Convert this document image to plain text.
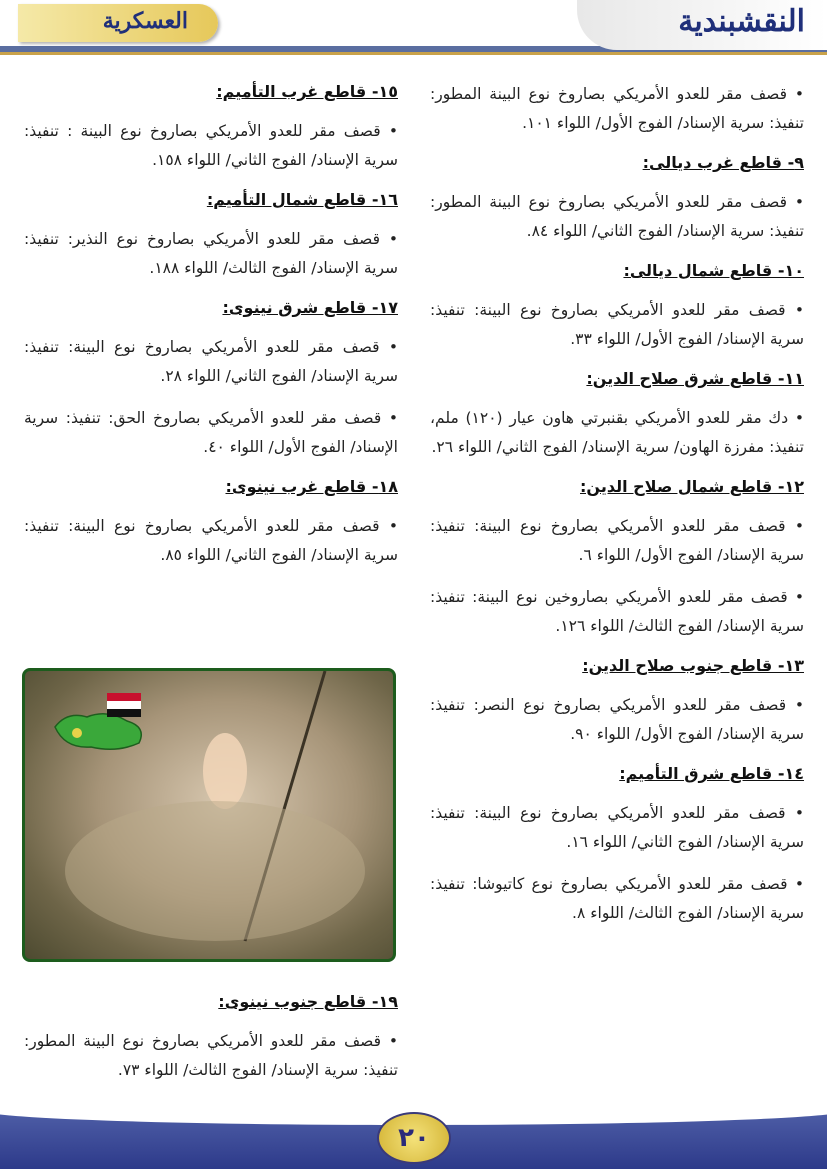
النقشبندية
العسكرية

• قصف مقر للعدو الأمريكي بصاروخ نوع البينة المطور: تنفيذ: سرية الإسناد/ الفوج الأول/ اللواء ١٠١.

٩- قاطع غرب ديالى:

• قصف مقر للعدو الأمريكي بصاروخ نوع البينة المطور: تنفيذ: سرية الإسناد/ الفوج الثاني/ اللواء ٨٤.

١٠- قاطع شمال ديالى:

• قصف مقر للعدو الأمريكي بصاروخ نوع البينة: تنفيذ: سرية الإسناد/ الفوج الأول/ اللواء ٣٣.

١١- قاطع شرق صلاح الدين:

• دك مقر للعدو الأمريكي بقنبرتي هاون عيار (١٢٠) ملم، تنفيذ: مفرزة الهاون/ سرية الإسناد/ الفوج الثاني/ اللواء ٢٦.

١٢- قاطع شمال صلاح الدين:

• قصف مقر للعدو الأمريكي بصاروخ نوع البينة: تنفيذ: سرية الإسناد/ الفوج الأول/ اللواء ٦.

• قصف مقر للعدو الأمريكي بصاروخين نوع البينة: تنفيذ: سرية الإسناد/ الفوج الثالث/ اللواء ١٢٦.

١٣- قاطع جنوب صلاح الدين:

• قصف مقر للعدو الأمريكي بصاروخ نوع النصر: تنفيذ: سرية الإسناد/ الفوج الأول/ اللواء ٩٠.

١٤- قاطع شرق التأميم:

• قصف مقر للعدو الأمريكي بصاروخ نوع البينة: تنفيذ: سرية الإسناد/ الفوج الثاني/ اللواء ١٦.

• قصف مقر للعدو الأمريكي بصاروخ نوع كاتيوشا: تنفيذ: سرية الإسناد/ الفوج الثالث/ اللواء ٨.

١٥- قاطع غرب التأميم:

• قصف مقر للعدو الأمريكي بصاروخ نوع البينة : تنفيذ: سرية الإسناد/ الفوج الثاني/ اللواء ١٥٨.

١٦- قاطع شمال التأميم:

• قصف مقر للعدو الأمريكي بصاروخ نوع النذير: تنفيذ: سرية الإسناد/ الفوج الثالث/ اللواء ١٨٨.

١٧- قاطع شرق نينوى:

• قصف مقر للعدو الأمريكي بصاروخ نوع البينة: تنفيذ: سرية الإسناد/ الفوج الثاني/ اللواء ٢٨.

• قصف مقر للعدو الأمريكي بصاروخ الحق: تنفيذ: سرية الإسناد/ الفوج الأول/ اللواء ٤٠.

١٨- قاطع غرب نينوى:

• قصف مقر للعدو الأمريكي بصاروخ نوع البينة: تنفيذ: سرية الإسناد/ الفوج الثاني/ اللواء ٨٥.

١٩- قاطع جنوب نينوى:

• قصف مقر للعدو الأمريكي بصاروخ نوع البينة المطور: تنفيذ: سرية الإسناد/ الفوج الثالث/ اللواء ٧٣.

٢٠
